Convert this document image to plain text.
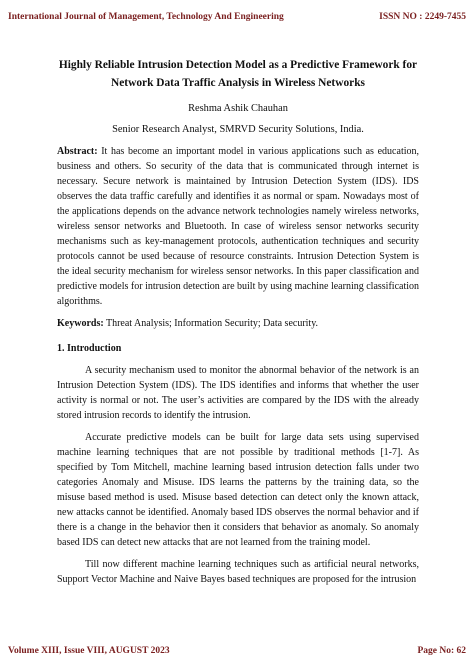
International Journal of Management, Technology And Engineering	ISSN NO : 2249-7455

Highly Reliable Intrusion Detection Model as a Predictive Framework for
Network Data Traffic Analysis in Wireless Networks

Reshma Ashik Chauhan
Senior Research Analyst, SMRVD Security Solutions, India.

Abstract: It has become an important model in various applications such as education, business and others. So security of the data that is communicated through internet is necessary. Secure network is maintained by Intrusion Detection System (IDS). IDS observes the data traffic carefully and identifies it as normal or spam. Nowadays most of the applications depends on the advance network technologies namely wireless networks, wireless sensor networks and Bluetooth. In case of wireless sensor networks security mechanisms such as key-management protocols, authentication techniques and security protocols cannot be used because of resource constraints. Intrusion Detection System is the ideal security mechanism for wireless sensor networks. In this paper classification and predictive models for intrusion detection are built by using machine learning classification algorithms.

Keywords: Threat Analysis; Information Security; Data security.

1. Introduction

A security mechanism used to monitor the abnormal behavior of the network is an Intrusion Detection System (IDS). The IDS identifies and informs that whether the user activity is normal or not. The user’s activities are compared by the IDS with the already stored intrusion records to identify the intrusion.

Accurate predictive models can be built for large data sets using supervised machine learning techniques that are not possible by traditional methods [1-7]. As specified by Tom Mitchell, machine learning based intrusion detection falls under two categories Anomaly and Misuse. IDS learns the patterns by the training data, so the misuse based method is used. Misuse based detection can detect only the known attack, new attacks cannot be identified. Anomaly based IDS observes the normal behavior and if there is a change in the behavior then it considers that behavior as anomaly. So anomaly based IDS can detect new attacks that are not learned from the training model.

Till now different machine learning techniques such as artificial neural networks, Support Vector Machine and Naive Bayes based techniques are proposed for the intrusion

Volume XIII, Issue VIII, AUGUST 2023	Page No: 62
